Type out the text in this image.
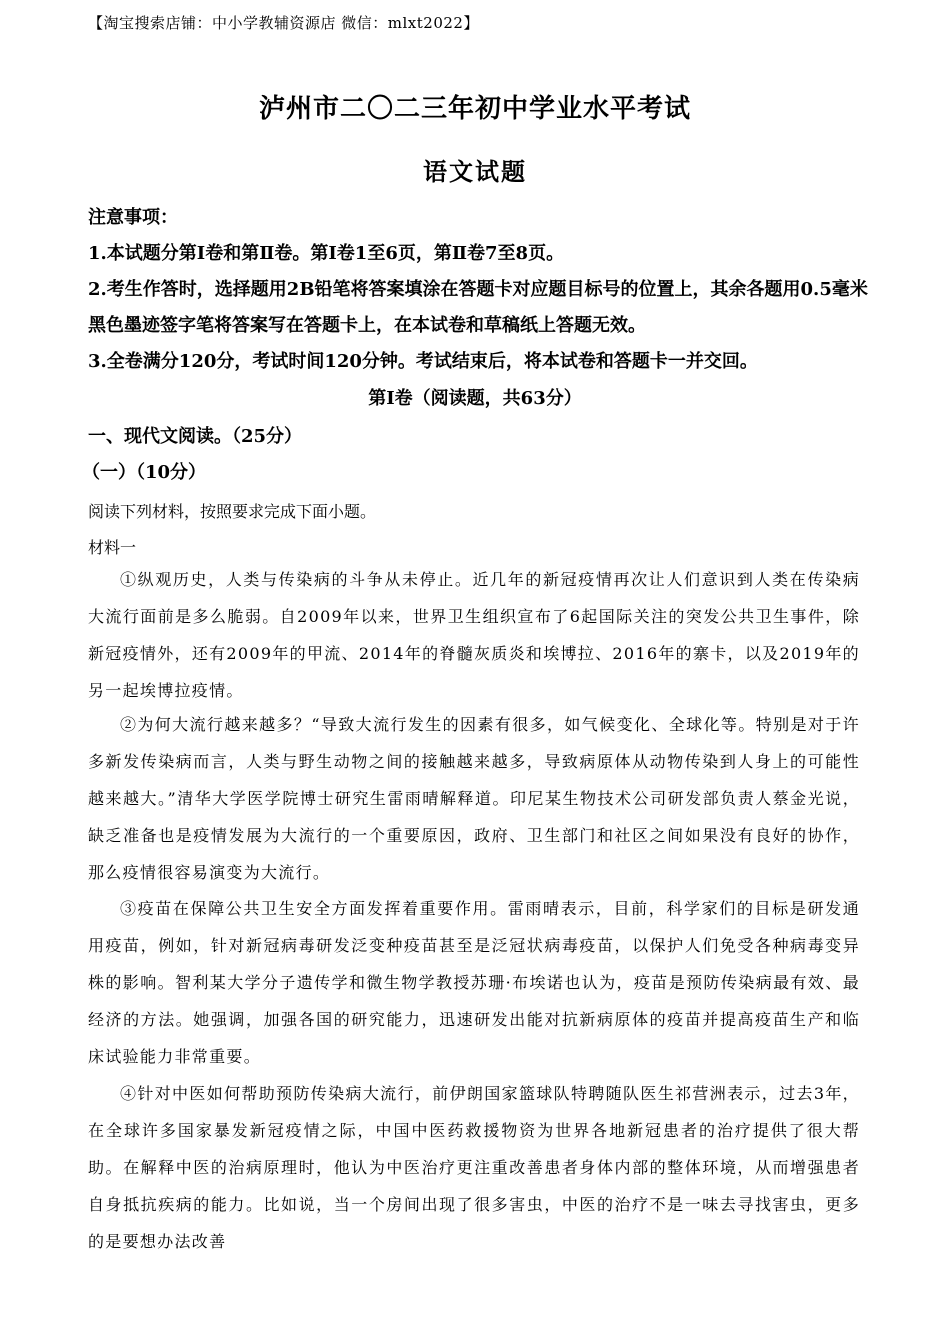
【淘宝搜索店铺：中小学教辅资源店 微信：mlxt2022】
泸州市二〇二三年初中学业水平考试
语文试题
注意事项：
1.本试题分第Ⅰ卷和第Ⅱ卷。第Ⅰ卷1至6页，第Ⅱ卷7至8页。
2.考生作答时，选择题用2B铅笔将答案填涂在答题卡对应题目标号的位置上，其余各题用0.5毫米黑色墨迹签字笔将答案写在答题卡上，在本试卷和草稿纸上答题无效。
3.全卷满分120分，考试时间120分钟。考试结束后，将本试卷和答题卡一并交回。
第Ⅰ卷（阅读题，共63分）
一、现代文阅读。（25分）
（一）（10分）
阅读下列材料，按照要求完成下面小题。
材料一

①纵观历史，人类与传染病的斗争从未停止。近几年的新冠疫情再次让人们意识到人类在传染病大流行面前是多么脆弱。自2009年以来，世界卫生组织宣布了6起国际关注的突发公共卫生事件，除新冠疫情外，还有2009年的甲流、2014年的脊髓灰质炎和埃博拉、2016年的寨卡，以及2019年的另一起埃博拉疫情。

②为何大流行越来越多？“导致大流行发生的因素有很多，如气候变化、全球化等。特别是对于许多新发传染病而言，人类与野生动物之间的接触越来越多，导致病原体从动物传染到人身上的可能性越来越大。”清华大学医学院博士研究生雷雨晴解释道。印尼某生物技术公司研发部负责人蔡金光说，缺乏准备也是疫情发展为大流行的一个重要原因，政府、卫生部门和社区之间如果没有良好的协作，那么疫情很容易演变为大流行。

③疫苗在保障公共卫生安全方面发挥着重要作用。雷雨晴表示，目前，科学家们的目标是研发通用疫苗，例如，针对新冠病毒研发泛变种疫苗甚至是泛冠状病毒疫苗，以保护人们免受各种病毒变异株的影响。智利某大学分子遗传学和微生物学教授苏珊·布埃诺也认为，疫苗是预防传染病最有效、最经济的方法。她强调，加强各国的研究能力，迅速研发出能对抗新病原体的疫苗并提高疫苗生产和临床试验能力非常重要。

④针对中医如何帮助预防传染病大流行，前伊朗国家篮球队特聘随队医生祁营洲表示，过去3年，在全球许多国家暴发新冠疫情之际，中国中医药救援物资为世界各地新冠患者的治疗提供了很大帮助。在解释中医的治病原理时，他认为中医治疗更注重改善患者身体内部的整体环境，从而增强患者自身抵抗疾病的能力。比如说，当一个房间出现了很多害虫，中医的治疗不是一味去寻找害虫，更多的是要想办法改善
